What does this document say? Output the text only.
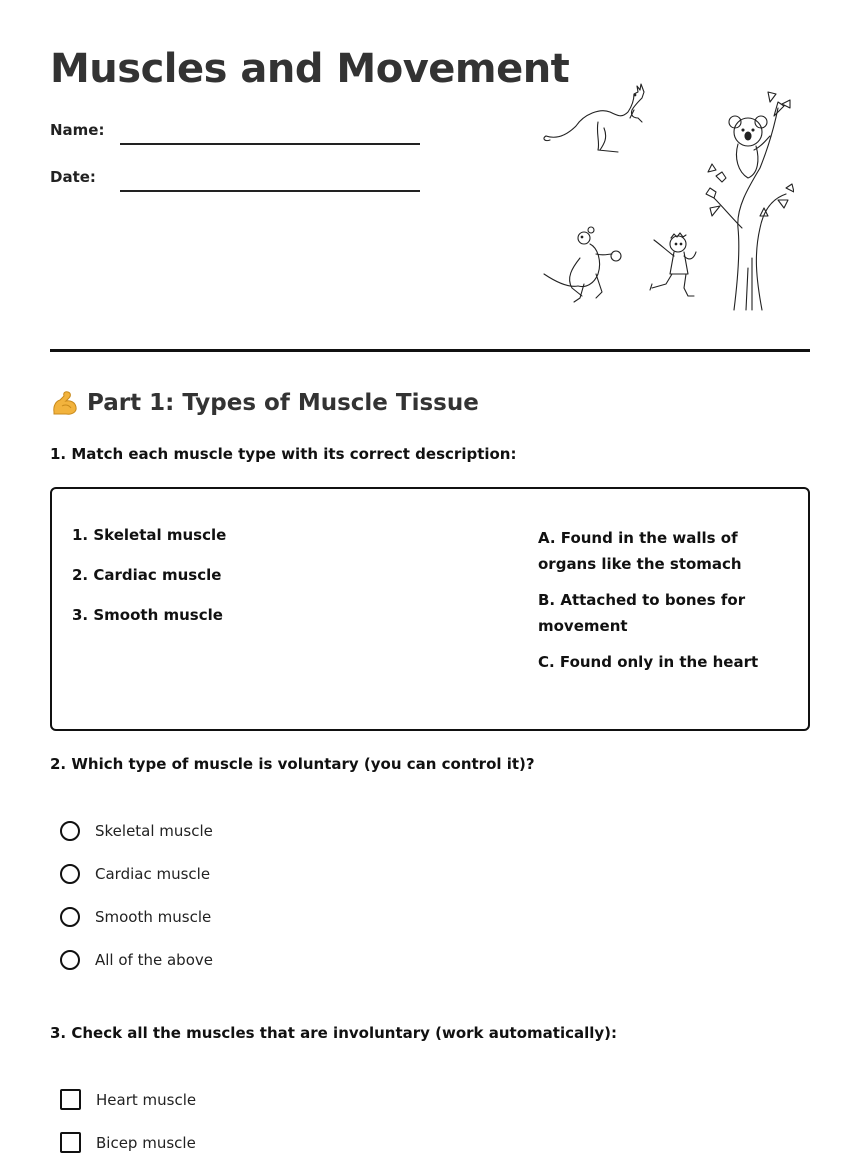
Muscles and Movement
Name:
Date:
Part 1: Types of Muscle Tissue
1. Match each muscle type with its correct description:
1. Skeletal muscle
2. Cardiac muscle
3. Smooth muscle
A. Found in the walls of organs like the stomach
B. Attached to bones for movement
C. Found only in the heart
2. Which type of muscle is voluntary (you can control it)?
Skeletal muscle
Cardiac muscle
Smooth muscle
All of the above
3. Check all the muscles that are involuntary (work automatically):
Heart muscle
Bicep muscle
